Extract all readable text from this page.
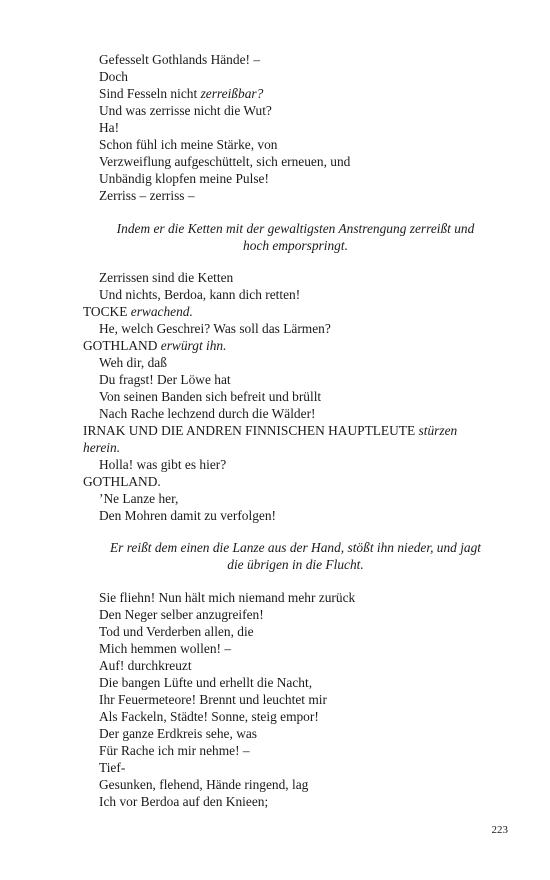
Gefesselt Gothlands Hände! –
Doch
Sind Fesseln nicht zerreißbar?
Und was zerrisse nicht die Wut?
Ha!
Schon fühl ich meine Stärke, von
Verzweiflung aufgeschüttelt, sich erneuen, und
Unbändig klopfen meine Pulse!
Zerriss – zerriss –
Indem er die Ketten mit der gewaltigsten Anstrengung zerreißt und
hoch emporspringt.
Zerrissen sind die Ketten
Und nichts, Berdoa, kann dich retten!
TOCKE erwachend.
He, welch Geschrei? Was soll das Lärmen?
GOTHLAND erwürgt ihn.
Weh dir, daß
Du fragst! Der Löwe hat
Von seinen Banden sich befreit und brüllt
Nach Rache lechzend durch die Wälder!
IRNAK UND DIE ANDREN FINNISCHEN HAUPTLEUTE stürzen
herein.
Holla! was gibt es hier?
GOTHLAND.
’Ne Lanze her,
Den Mohren damit zu verfolgen!
Er reißt dem einen die Lanze aus der Hand, stößt ihn nieder, und jagt
die übrigen in die Flucht.
Sie fliehn! Nun hält mich niemand mehr zurück
Den Neger selber anzugreifen!
Tod und Verderben allen, die
Mich hemmen wollen! –
Auf! durchkreuzt
Die bangen Lüfte und erhellt die Nacht,
Ihr Feuermeteore! Brennt und leuchtet mir
Als Fackeln, Städte! Sonne, steig empor!
Der ganze Erdkreis sehe, was
Für Rache ich mir nehme! –
Tief-
Gesunken, flehend, Hände ringend, lag
Ich vor Berdoa auf den Knieen;
223
